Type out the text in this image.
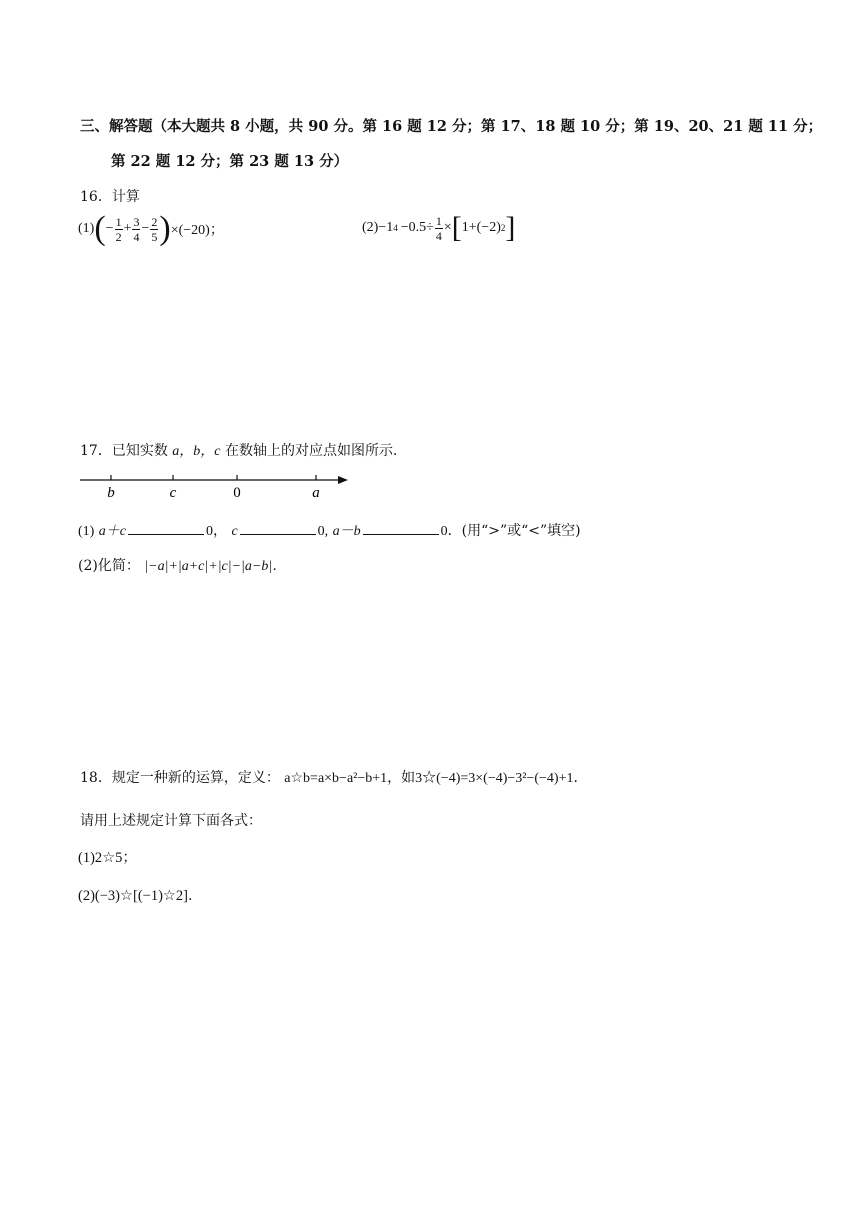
三、解答题（本大题共 8 小题，共 90 分。第 16 题 12 分；第 17、18 题 10 分；第 19、20、21 题 11 分；
第 22 题 12 分；第 23 题 13 分）
16．计算
(1) ( − $\frac{1}{2} + \frac{3}{4} - \frac{2}{5}$ ) ×(−20)；	(2) −1 $4 -0.5\div \frac{1}{4}$ × [ 1+(−2) 2 ]
17．已知实数 a，b，c 在数轴上的对应点如图所示．
b	c	0	a
(1) a＋c	0， c	0, a－b	0．(用“>”或“<”填空)
(2)化简： |−a|+|a+c|+|c|−|a−b|．
18．规定一种新的运算，定义： a☆b=a×b−a²−b+1，如3☆(−4)=3×(−4)−3²−(−4)+1．
请用上述规定计算下面各式：
(1)2☆5；
(2)(−3)☆[(−1)☆2]．
